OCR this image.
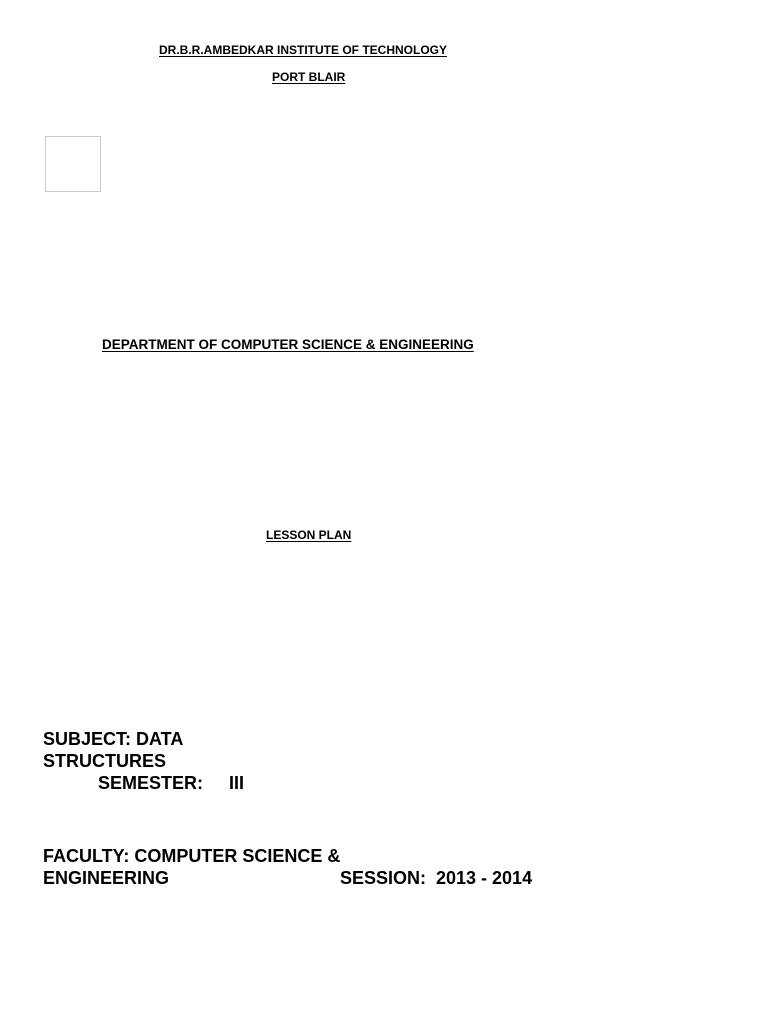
DR.B.R.AMBEDKAR INSTITUTE OF TECHNOLOGY
PORT BLAIR
DEPARTMENT OF COMPUTER SCIENCE & ENGINEERING
LESSON PLAN
SUBJECT: DATA
STRUCTURES
SEMESTER: III
FACULTY: COMPUTER SCIENCE &
ENGINEERING	SESSION: 2013 - 2014
